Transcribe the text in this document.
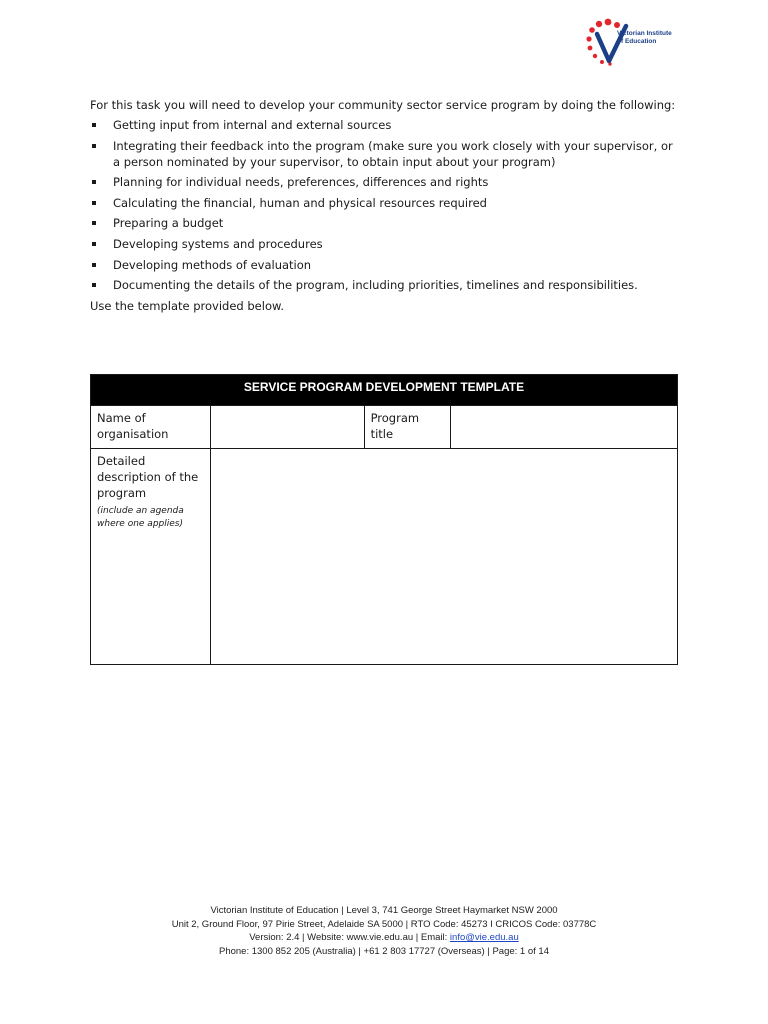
Victorian Institute
of Education

For this task you will need to develop your community sector service program by doing the following:

Getting input from internal and external sources
Integrating their feedback into the program (make sure you work closely with your supervisor, or a person nominated by your supervisor, to obtain input about your program)
Planning for individual needs, preferences, differences and rights
Calculating the financial, human and physical resources required
Preparing a budget
Developing systems and procedures
Developing methods of evaluation
Documenting the details of the program, including priorities, timelines and responsibilities.

Use the template provided below.

SERVICE PROGRAM DEVELOPMENT TEMPLATE			
Name of organisation		Program title	

Detailed description of the program
(include an agenda where one applies)			

Victorian Institute of Education | Level 3, 741 George Street Haymarket NSW 2000
Unit 2, Ground Floor, 97 Pirie Street, Adelaide SA 5000 | RTO Code: 45273 I CRICOS Code: 03778C
Version: 2.4 | Website: www.vie.edu.au | Email: info@vie.edu.au
Phone: 1300 852 205 (Australia) | +61 2 803 17727 (Overseas) | Page: 1 of 14
